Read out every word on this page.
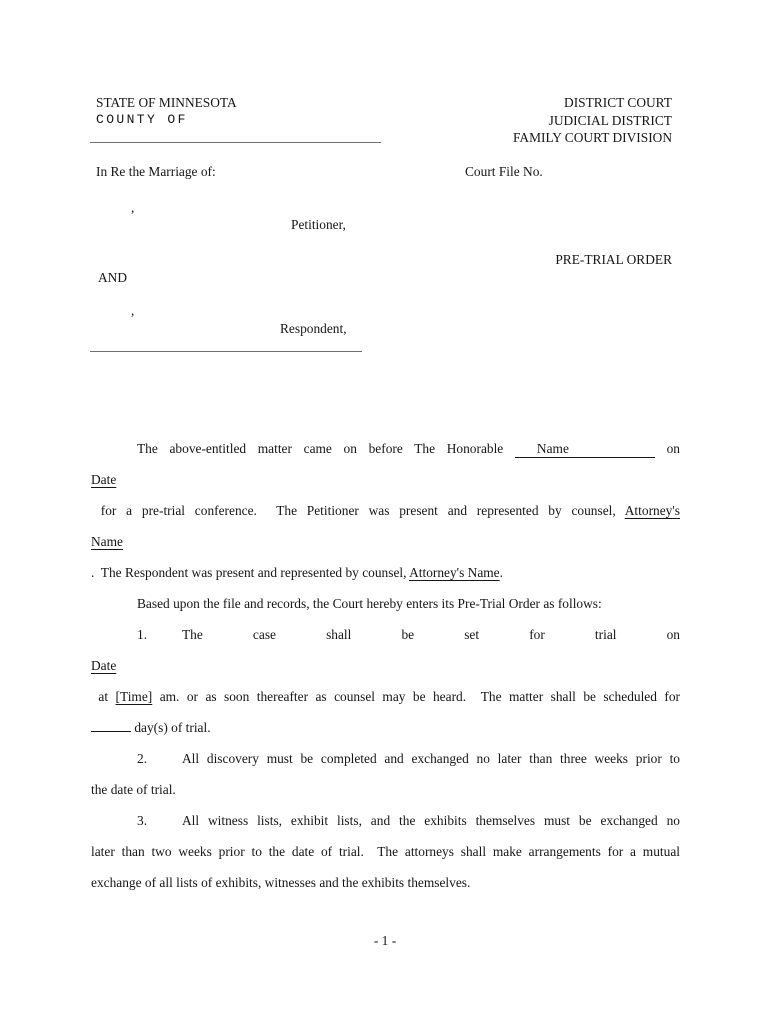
STATE OF MINNESOTA
COUNTY OF
DISTRICT COURT
JUDICIAL DISTRICT
FAMILY COURT DIVISION
In Re the Marriage of:	Court File No.
,
Petitioner,
PRE-TRIAL ORDER
AND
,
Respondent,
The above-entitled matter came on before The Honorable Name	on
Date
for a pre-trial conference.  The Petitioner was present and represented by counsel, Attorney's
Name
.  The Respondent was present and represented by counsel, Attorney's Name.
Based upon the file and records, the Court hereby enters its Pre-Trial Order as follows:
1.	The case shall be set for trial on
Date
at [Time] am. or as soon thereafter as counsel may be heard.  The matter shall be scheduled for
day(s) of trial.
2.	All discovery must be completed and exchanged no later than three weeks prior to
the date of trial.
3.	All witness lists, exhibit lists, and the exhibits themselves must be exchanged no
later than two weeks prior to the date of trial.  The attorneys shall make arrangements for a mutual
exchange of all lists of exhibits, witnesses and the exhibits themselves.
- 1 -
